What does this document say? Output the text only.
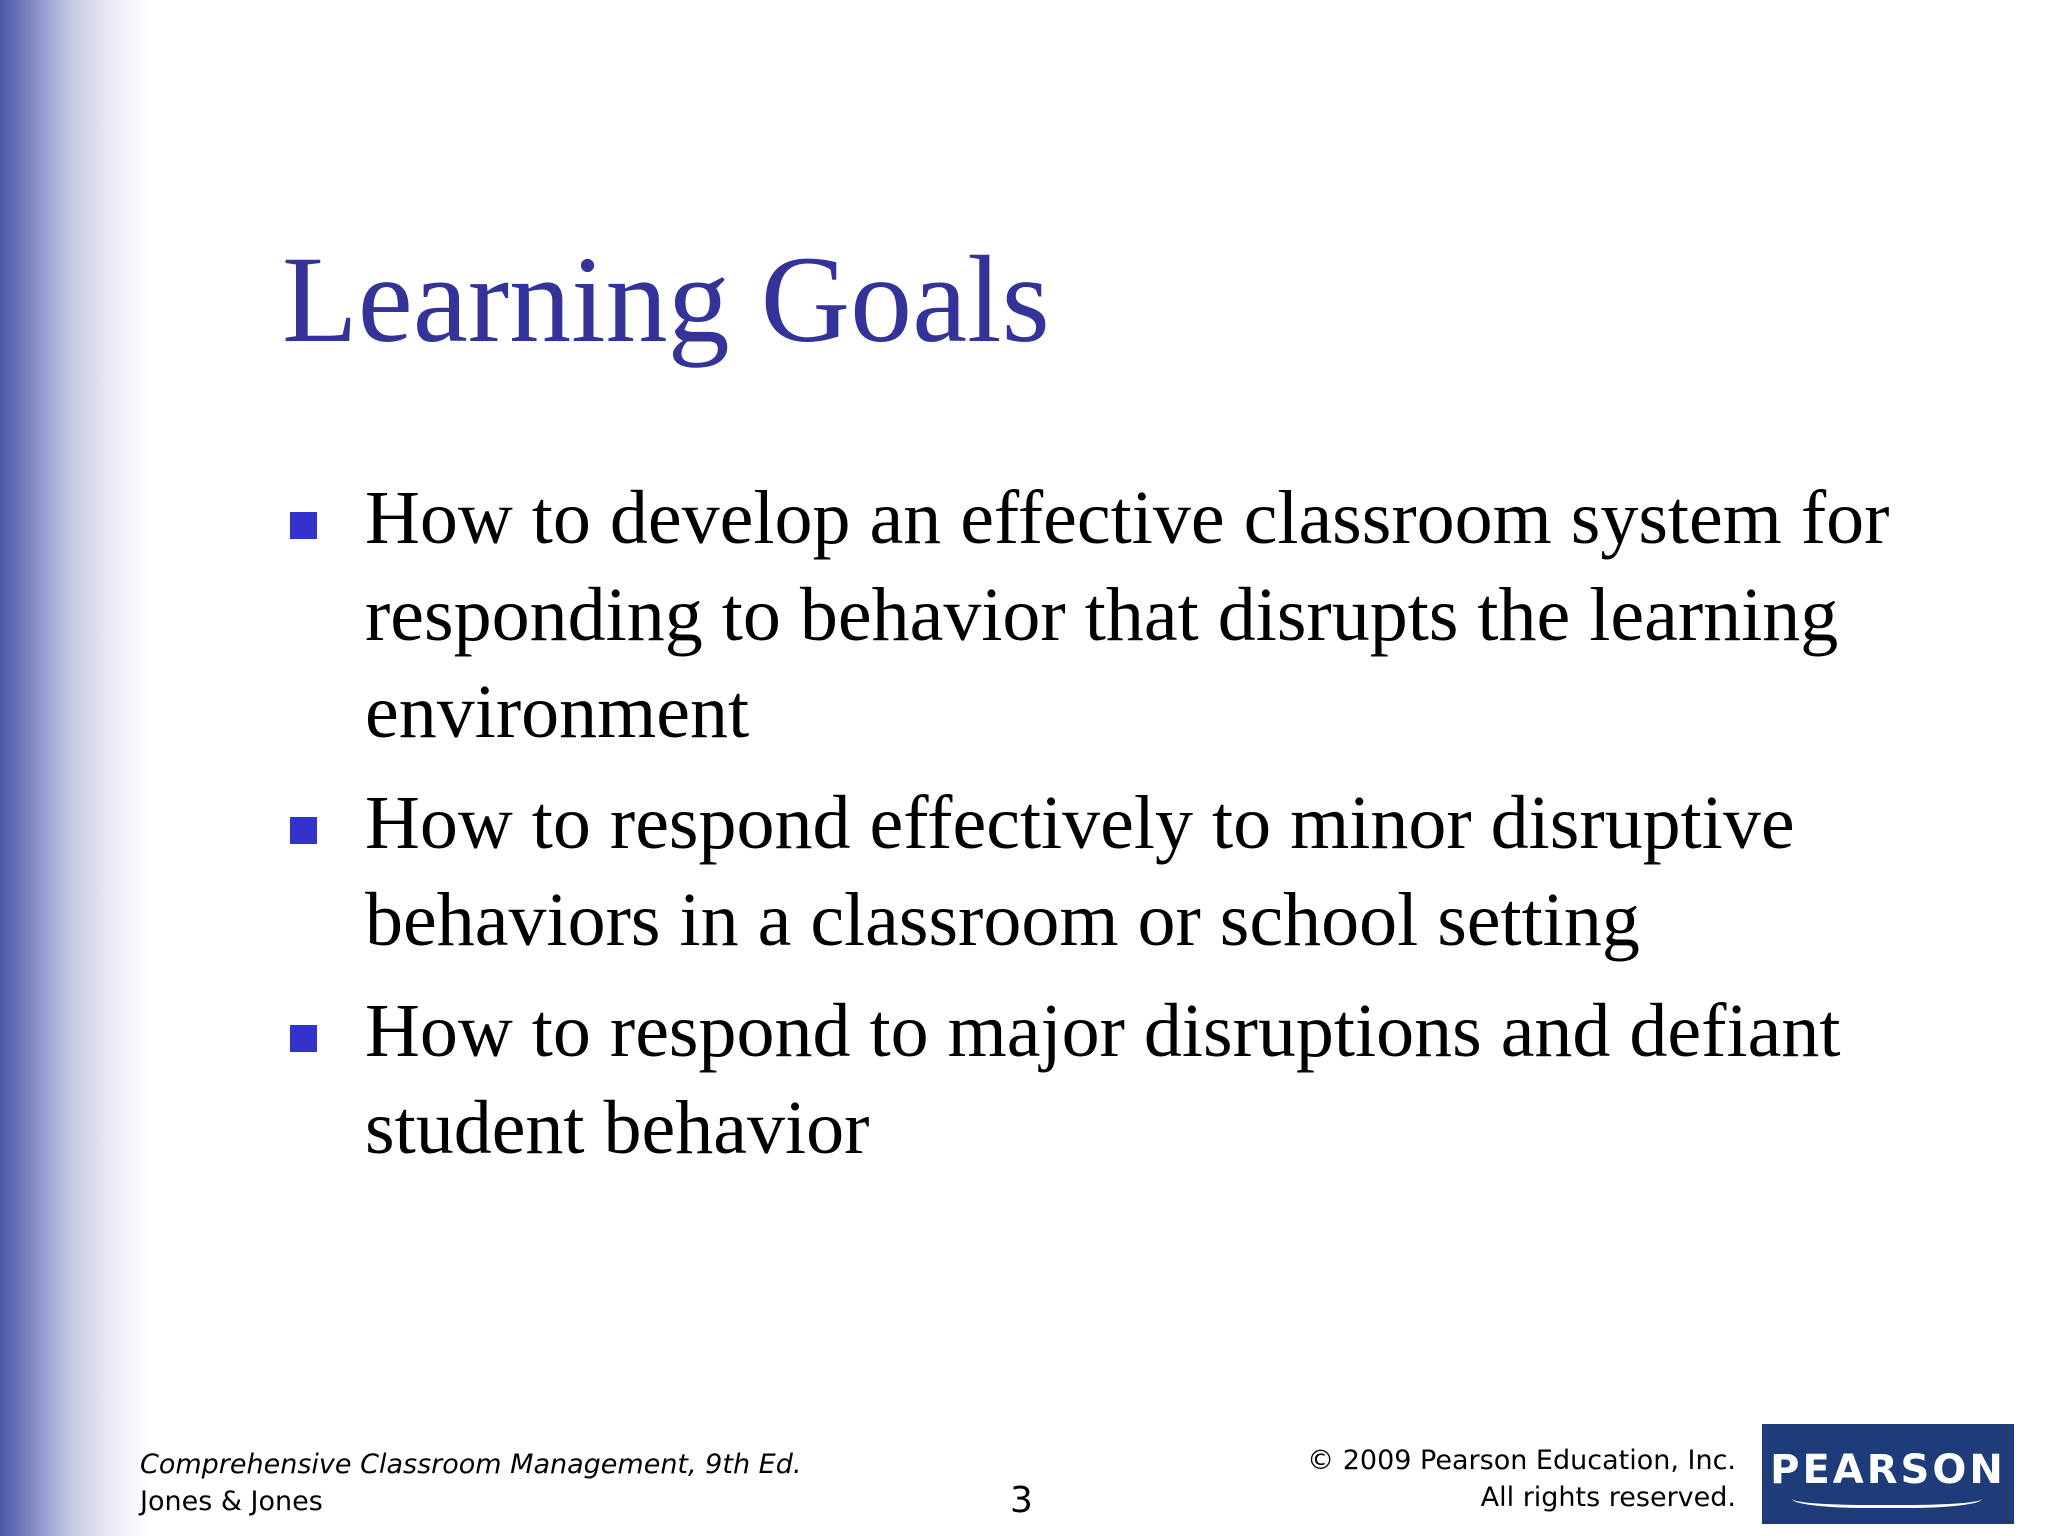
Learning Goals
How to develop an effective classroom system for responding to behavior that disrupts the learning environment
How to respond effectively to minor disruptive behaviors in a classroom or school setting
How to respond to major disruptions and defiant student behavior
Comprehensive Classroom Management, 9th Ed.
Jones & Jones	3
© 2009 Pearson Education, Inc.
All rights reserved.
PEARSON
